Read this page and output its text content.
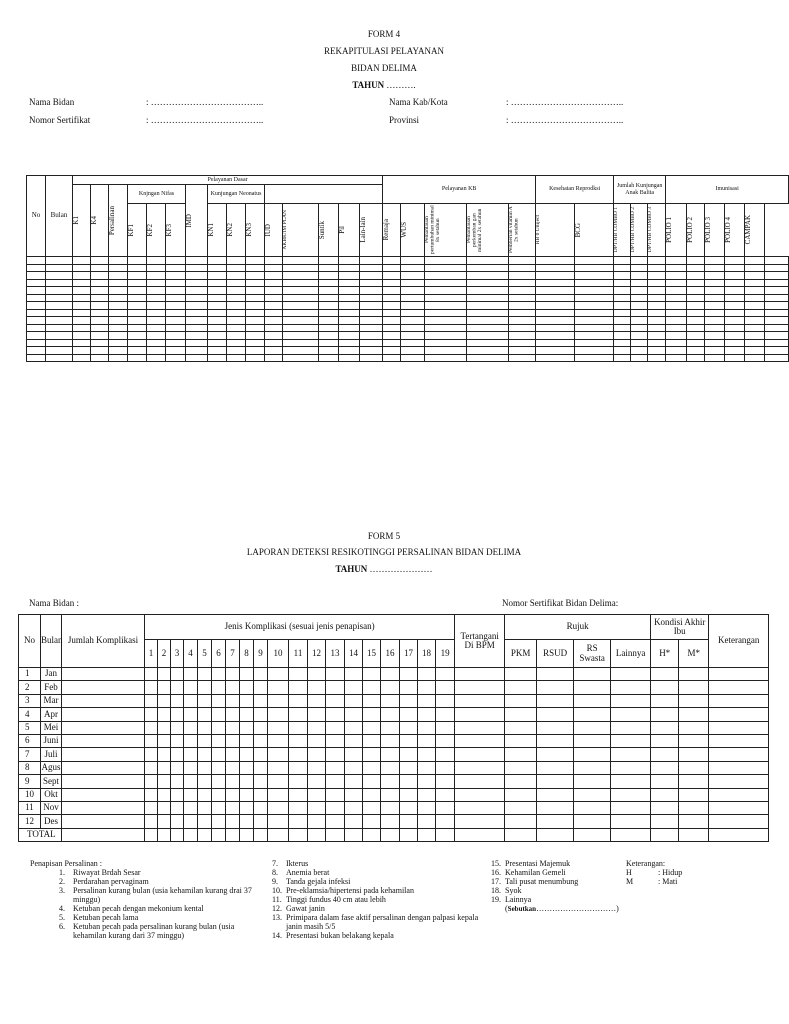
FORM 4
REKAPITULASI PELAYANAN
BIDAN DELIMA
TAHUN ……….
Nama Bidan	: ………………………………..	Nama Kab/Kota	: ………………………………..
Nomor Sertifikat	: ………………………………..	Provinsi	: ………………………………..
No	Bulan	Pelayanan Dasar															Pelayanan KB					Kesehatan Reprodksi		Jumlah Kunjungan Anak Balita			Imunisasi					

		K1	K4	Persalinan	Knjngan Nifas			IMD	Kunjungan Neonatus																							

					KF1	KF2	KF3		KN1	KN2	KN3	IUD	AKBK/IM PLAN	Suntik	Pil	Lain-lain	Remaja	WUS	Pemantauan pertumbuhan minimal 8x setahun	Pemantauan perkemban gan minimal 2x setahun	Pemberian vitamin A 2x setahun	HB 0 Uniject	BCG	DPT/HB COMBO 1	DPT/HB COMBO 2	DPT/HB COMBO 3	POLIO 1	POLIO 2	POLIO 3	POLIO 4	CAMPAK	

FORM 5
LAPORAN DETEKSI RESIKOTINGGI PERSALINAN BIDAN DELIMA
TAHUN …………………
Nama Bidan :	Nomor Sertifikat Bidan Delima:
No	Bulan	Jumlah Komplikasi	Jenis Komplikasi (sesuai jenis penapisan)																			Tertangani Di BPM	Rujuk				Kondisi Akhir Ibu		Keterangan
			1	2	3	4	5	6	7	8	9	10	11	12	13	14	15	16	17	18	19		PKM	RSUD	RS Swasta	Lainnya	H*	M*	
1	Jan																												
2	Feb																												
3	Mar																												
4	Apr																												
5	Mei																												
6	Juni																												
7	Juli																												
8	Agus																												
9	Sept																												
10	Okt																												
11	Nov																												
12	Des																												
TOTAL																													
Penapisan Persalinan :
1. Riwayat Brdah Sesar
2. Perdarahan pervaginam
3. Persalinan kurang bulan (usia kehamilan kurang drai 37 minggu)
4. Ketuban pecah dengan mekonium kental
5. Ketuban pecah lama
6. Ketuban pecah pada persalinan kurang bulan (usia kehamilan kurang dari 37 minggu)
7. Ikterus
8. Anemia berat
9. Tanda gejala infeksi
10. Pre-eklamsia/hipertensi pada kehamilan
11. Tinggi fundus 40 cm atau lebih
12. Gawat janin
13. Primipara dalam fase aktif persalinan dengan palpasi kepala janin masih 5/5
14. Presentasi bukan belakang kepala
15. Presentasi Majemuk
16. Kehamilan Gemeli
17. Tali pusat menumbung
18. Syok
19. Lainnya
(Sebutkan…………………………)
Keterangan:
H	: Hidup
M	: Mati
